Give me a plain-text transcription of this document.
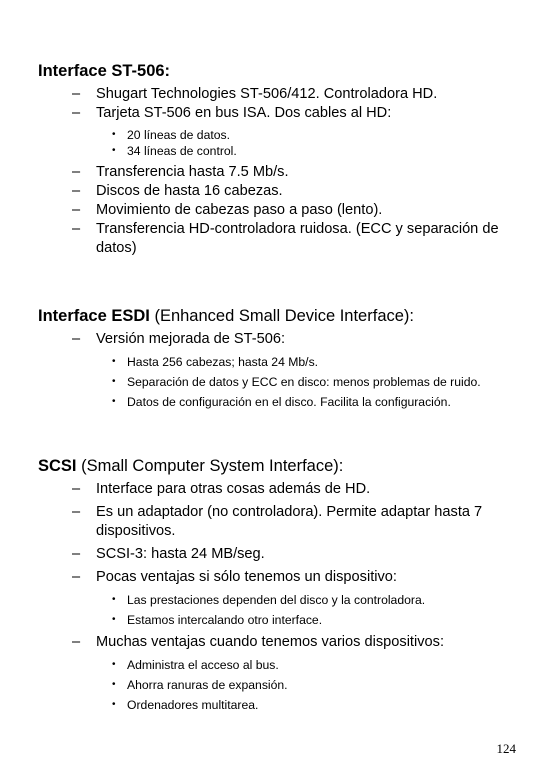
Interface ST-506:

– Shugart Technologies ST-506/412. Controladora HD.
– Tarjeta ST-506 en bus ISA. Dos cables al HD:
• 20 líneas de datos.
• 34 líneas de control.
– Transferencia hasta 7.5 Mb/s.
– Discos de hasta 16 cabezas.
– Movimiento de cabezas paso a paso (lento).
– Transferencia HD-controladora ruidosa. (ECC y separación de datos)

Interface ESDI (Enhanced Small Device Interface):

– Versión mejorada de ST-506:
• Hasta 256 cabezas; hasta 24 Mb/s.
• Separación de datos y ECC en disco: menos problemas de ruido.
• Datos de configuración en el disco. Facilita la configuración.

SCSI (Small Computer System Interface):

– Interface para otras cosas además de HD.
– Es un adaptador (no controladora). Permite adaptar hasta 7 dispositivos.
– SCSI-3: hasta 24 MB/seg.
– Pocas ventajas si sólo tenemos un dispositivo:
• Las prestaciones dependen del disco y la controladora.
• Estamos intercalando otro interface.
– Muchas ventajas cuando tenemos varios dispositivos:
• Administra el acceso al bus.
• Ahorra ranuras de expansión.
• Ordenadores multitarea.
124
